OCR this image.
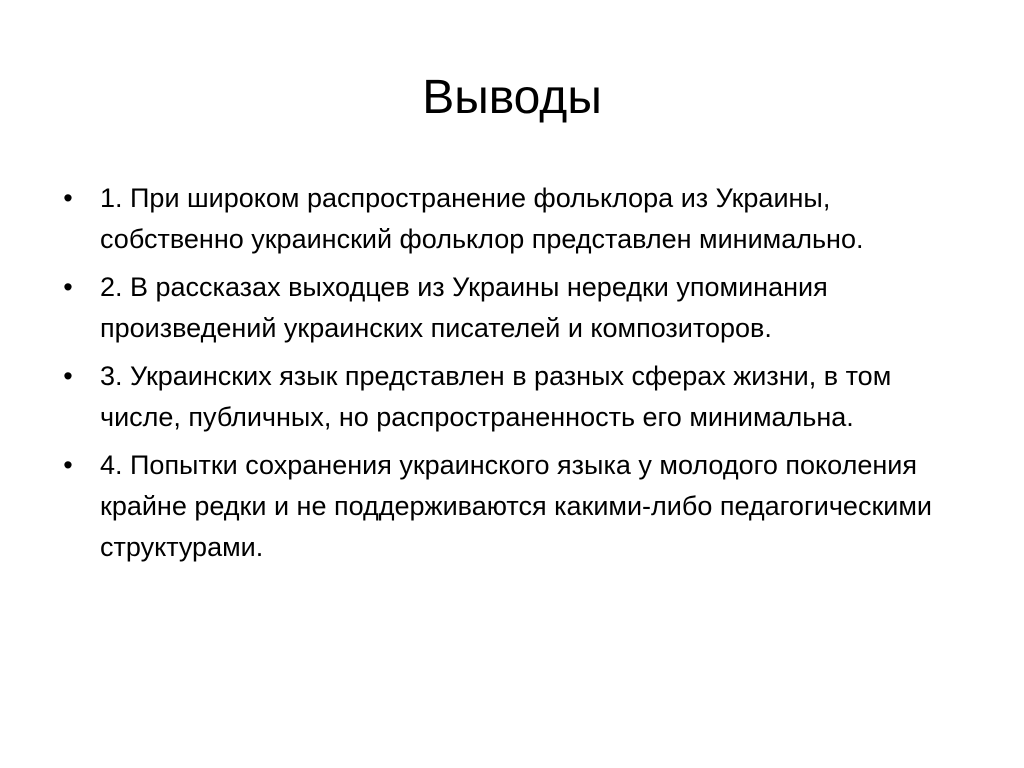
Выводы
• 1. При широком распространение фольклора из Украины, собственно украинский фольклор представлен минимально.
• 2. В рассказах выходцев из Украины нередки упоминания произведений украинских писателей и композиторов.
• 3. Украинских язык представлен в разных сферах жизни, в том числе, публичных, но распространенность его минимальна.
• 4. Попытки сохранения украинского языка у молодого поколения крайне редки и не поддерживаются какими-либо педагогическими структурами.
